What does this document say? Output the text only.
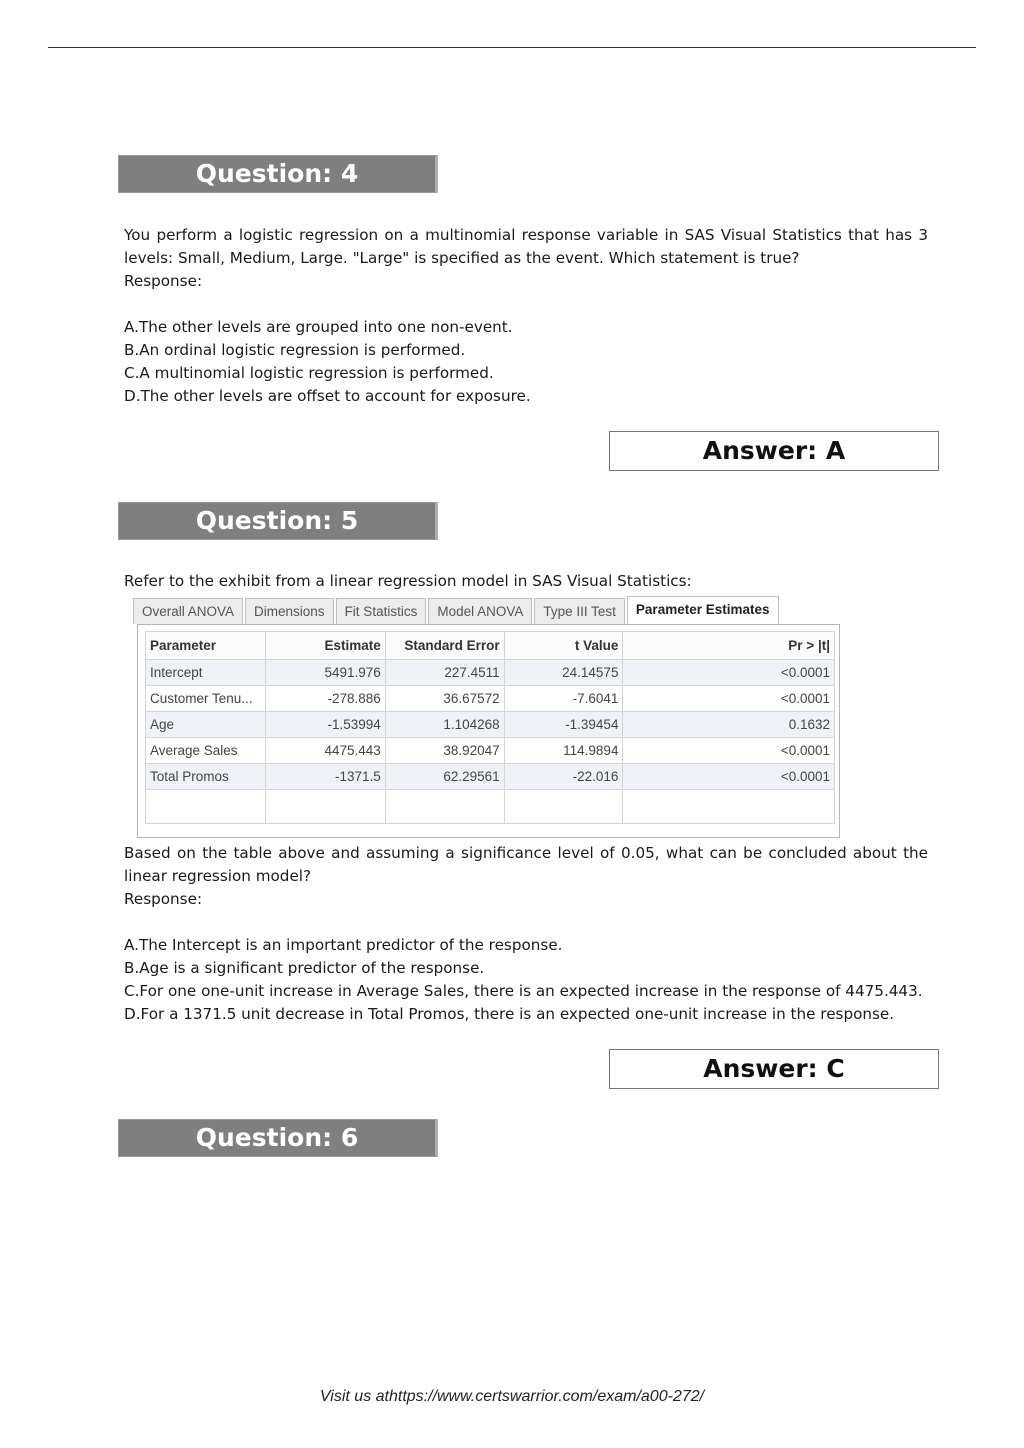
Question: 4
You perform a logistic regression on a multinomial response variable in SAS Visual Statistics that has 3
levels: Small, Medium, Large. "Large" is specified as the event. Which statement is true?
Response:
A.The other levels are grouped into one non-event.
B.An ordinal logistic regression is performed.
C.A multinomial logistic regression is performed.
D.The other levels are offset to account for exposure.
Answer: A
Question: 5
Refer to the exhibit from a linear regression model in SAS Visual Statistics:
Overall ANOVA	Dimensions	Fit Statistics	Model ANOVA	Type III Test	Parameter Estimates
Parameter	Estimate	Standard Error	t Value	Pr > |t|
Intercept	5491.976	227.4511	24.14575	<0.0001
Customer Tenu...	-278.886	36.67572	-7.6041	<0.0001
Age	-1.53994	1.104268	-1.39454	0.1632
Average Sales	4475.443	38.92047	114.9894	<0.0001
Total Promos	-1371.5	62.29561	-22.016	<0.0001

Based on the table above and assuming a significance level of 0.05, what can be concluded about the
linear regression model?
Response:
A.The Intercept is an important predictor of the response.
B.Age is a significant predictor of the response.
C.For one one-unit increase in Average Sales, there is an expected increase in the response of 4475.443.
D.For a 1371.5 unit decrease in Total Promos, there is an expected one-unit increase in the response.
Answer: C
Question: 6
Visit us athttps://www.certswarrior.com/exam/a00-272/
